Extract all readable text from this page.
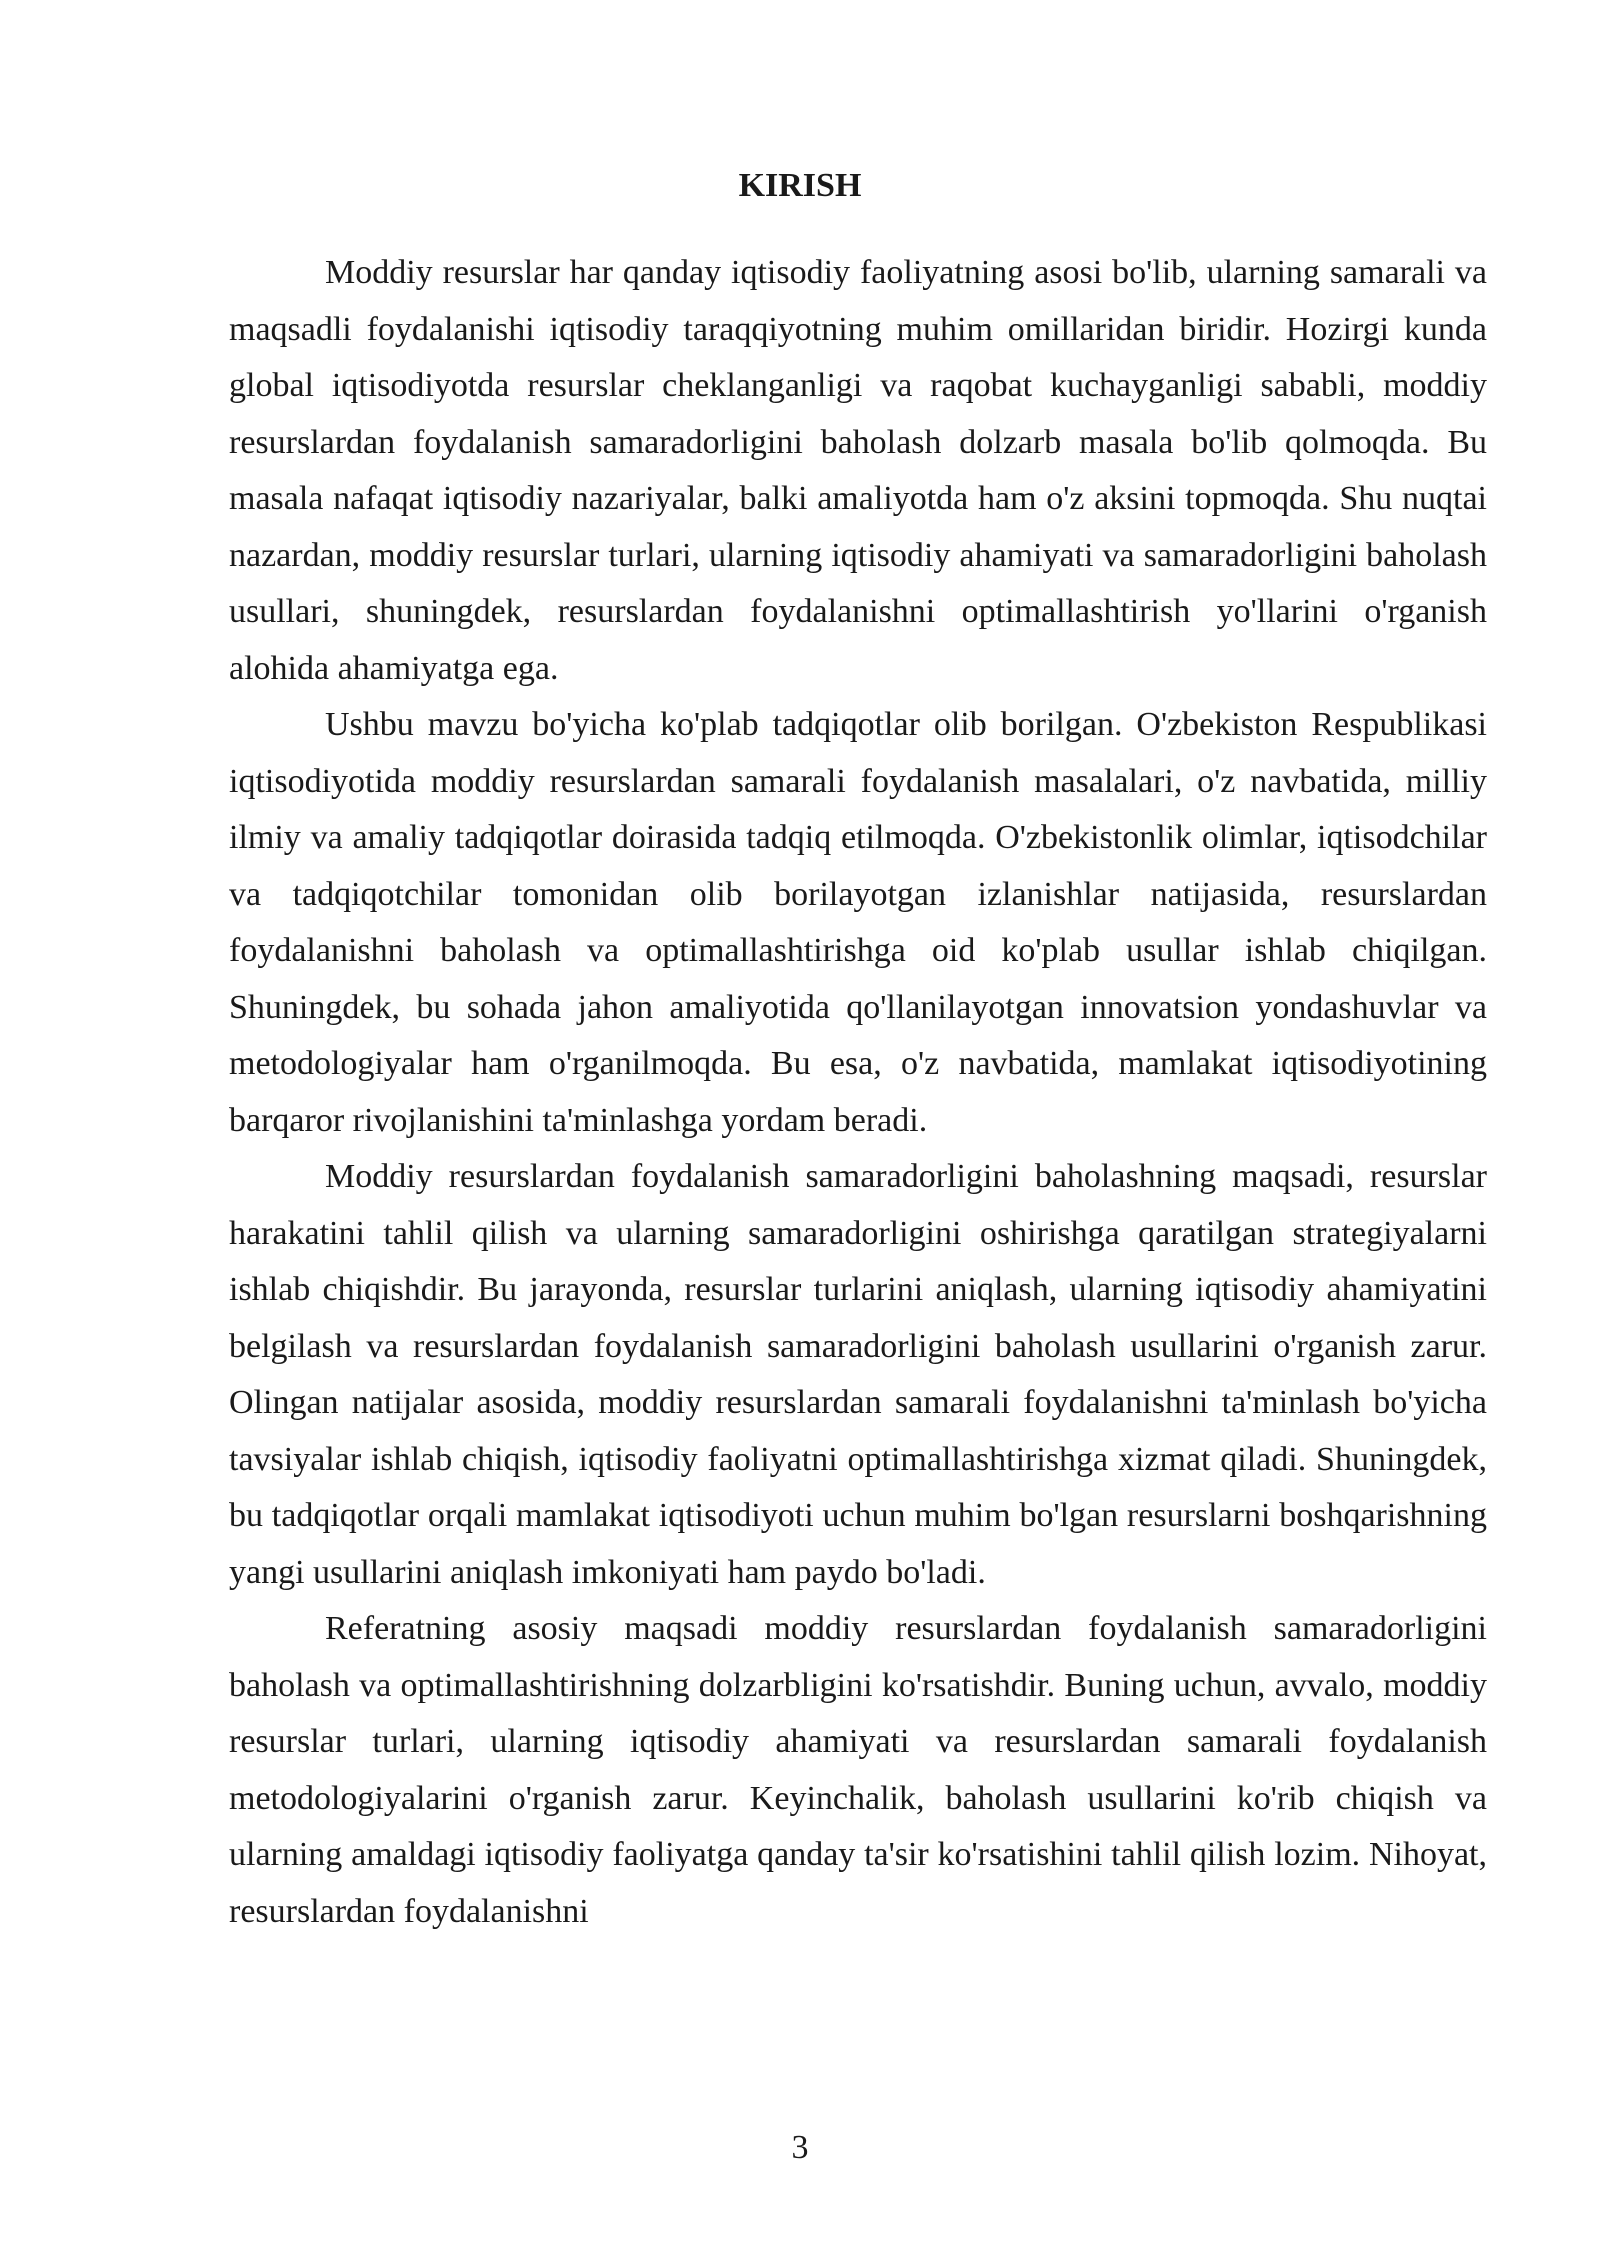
KIRISH

Moddiy resurslar har qanday iqtisodiy faoliyatning asosi bo'lib, ularning samarali va maqsadli foydalanishi iqtisodiy taraqqiyotning muhim omillaridan biridir. Hozirgi kunda global iqtisodiyotda resurslar cheklanganligi va raqobat kuchayganligi sababli, moddiy resurslardan foydalanish samaradorligini baholash dolzarb masala bo'lib qolmoqda. Bu masala nafaqat iqtisodiy nazariyalar, balki amaliyotda ham o'z aksini topmoqda. Shu nuqtai nazardan, moddiy resurslar turlari, ularning iqtisodiy ahamiyati va samaradorligini baholash usullari, shuningdek, resurslardan foydalanishni optimallashtirish yo'llarini o'rganish alohida ahamiyatga ega.

Ushbu mavzu bo'yicha ko'plab tadqiqotlar olib borilgan. O'zbekiston Respublikasi iqtisodiyotida moddiy resurslardan samarali foydalanish masalalari, o'z navbatida, milliy ilmiy va amaliy tadqiqotlar doirasida tadqiq etilmoqda. O'zbekistonlik olimlar, iqtisodchilar va tadqiqotchilar tomonidan olib borilayotgan izlanishlar natijasida, resurslardan foydalanishni baholash va optimallashtirishga oid ko'plab usullar ishlab chiqilgan. Shuningdek, bu sohada jahon amaliyotida qo'llanilayotgan innovatsion yondashuvlar va metodologiyalar ham o'rganilmoqda. Bu esa, o'z navbatida, mamlakat iqtisodiyotining barqaror rivojlanishini ta'minlashga yordam beradi.

Moddiy resurslardan foydalanish samaradorligini baholashning maqsadi, resurslar harakatini tahlil qilish va ularning samaradorligini oshirishga qaratilgan strategiyalarni ishlab chiqishdir. Bu jarayonda, resurslar turlarini aniqlash, ularning iqtisodiy ahamiyatini belgilash va resurslardan foydalanish samaradorligini baholash usullarini o'rganish zarur. Olingan natijalar asosida, moddiy resurslardan samarali foydalanishni ta'minlash bo'yicha tavsiyalar ishlab chiqish, iqtisodiy faoliyatni optimallashtirishga xizmat qiladi. Shuningdek, bu tadqiqotlar orqali mamlakat iqtisodiyoti uchun muhim bo'lgan resurslarni boshqarishning yangi usullarini aniqlash imkoniyati ham paydo bo'ladi.

Referatning asosiy maqsadi moddiy resurslardan foydalanish samaradorligini baholash va optimallashtirishning dolzarbligini ko'rsatishdir. Buning uchun, avvalo, moddiy resurslar turlari, ularning iqtisodiy ahamiyati va resurslardan samarali foydalanish metodologiyalarini o'rganish zarur. Keyinchalik, baholash usullarini ko'rib chiqish va ularning amaldagi iqtisodiy faoliyatga qanday ta'sir ko'rsatishini tahlil qilish lozim. Nihoyat, resurslardan foydalanishni

3
